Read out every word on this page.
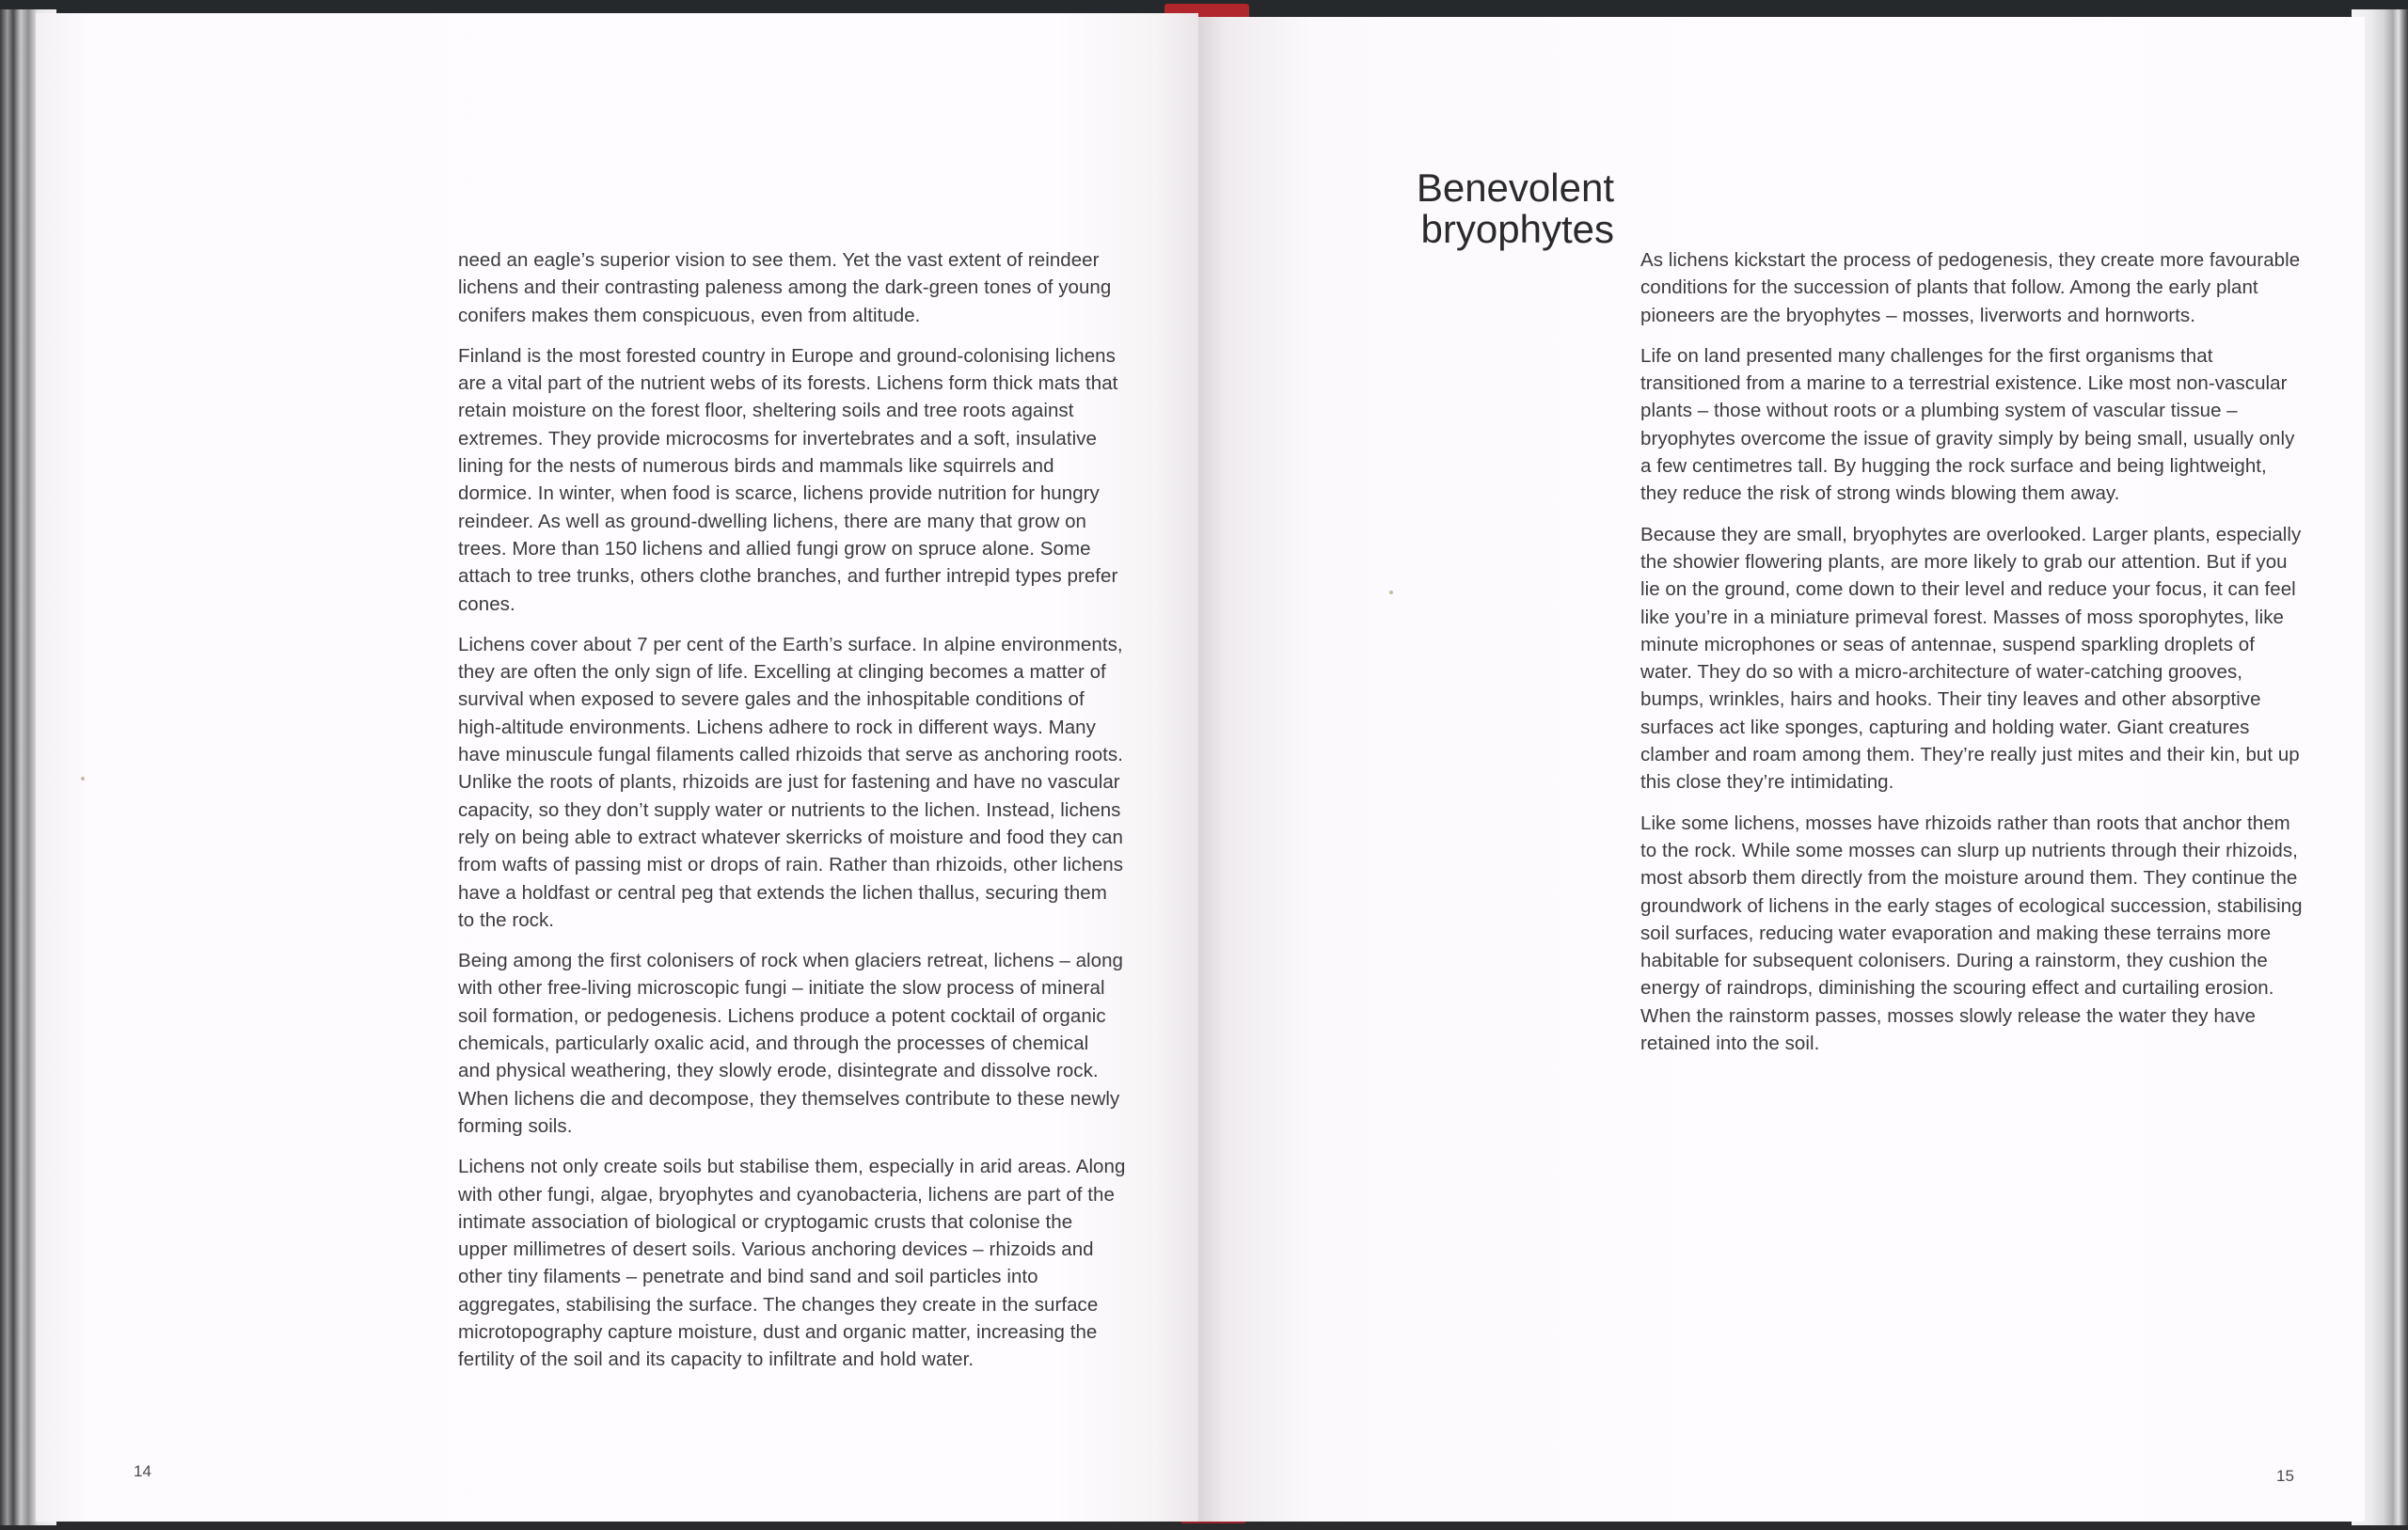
need an eagle’s superior vision to see them. Yet the vast extent of reindeer lichens and their contrasting paleness among the dark-green tones of young conifers makes them conspicuous, even from altitude.

Finland is the most forested country in Europe and ground-colonising lichens are a vital part of the nutrient webs of its forests. Lichens form thick mats that retain moisture on the forest floor, sheltering soils and tree roots against extremes. They provide microcosms for invertebrates and a soft, insulative lining for the nests of numerous birds and mammals like squirrels and dormice. In winter, when food is scarce, lichens provide nutrition for hungry reindeer. As well as ground-dwelling lichens, there are many that grow on trees. More than 150 lichens and allied fungi grow on spruce alone. Some attach to tree trunks, others clothe branches, and further intrepid types prefer cones.

Lichens cover about 7 per cent of the Earth’s surface. In alpine environments, they are often the only sign of life. Excelling at clinging becomes a matter of survival when exposed to severe gales and the inhospitable conditions of high-altitude environments. Lichens adhere to rock in different ways. Many have minuscule fungal filaments called rhizoids that serve as anchoring roots. Unlike the roots of plants, rhizoids are just for fastening and have no vascular capacity, so they don’t supply water or nutrients to the lichen. Instead, lichens rely on being able to extract whatever skerricks of moisture and food they can from wafts of passing mist or drops of rain. Rather than rhizoids, other lichens have a holdfast or central peg that extends the lichen thallus, securing them to the rock.

Being among the first colonisers of rock when glaciers retreat, lichens – along with other free-living microscopic fungi – initiate the slow process of mineral soil formation, or pedogenesis. Lichens produce a potent cocktail of organic chemicals, particularly oxalic acid, and through the processes of chemical and physical weathering, they slowly erode, disintegrate and dissolve rock. When lichens die and decompose, they themselves contribute to these newly forming soils.

Lichens not only create soils but stabilise them, especially in arid areas. Along with other fungi, algae, bryophytes and cyanobacteria, lichens are part of the intimate association of biological or cryptogamic crusts that colonise the upper millimetres of desert soils. Various anchoring devices – rhizoids and other tiny filaments – penetrate and bind sand and soil particles into aggregates, stabilising the surface. The changes they create in the surface microtopography capture moisture, dust and organic matter, increasing the fertility of the soil and its capacity to infiltrate and hold water.

Benevolent bryophytes

As lichens kickstart the process of pedogenesis, they create more favourable conditions for the succession of plants that follow. Among the early plant pioneers are the bryophytes – mosses, liverworts and hornworts.

Life on land presented many challenges for the first organisms that transitioned from a marine to a terrestrial existence. Like most non-vascular plants – those without roots or a plumbing system of vascular tissue – bryophytes overcome the issue of gravity simply by being small, usually only a few centimetres tall. By hugging the rock surface and being lightweight, they reduce the risk of strong winds blowing them away.

Because they are small, bryophytes are overlooked. Larger plants, especially the showier flowering plants, are more likely to grab our attention. But if you lie on the ground, come down to their level and reduce your focus, it can feel like you’re in a miniature primeval forest. Masses of moss sporophytes, like minute microphones or seas of antennae, suspend sparkling droplets of water. They do so with a micro-architecture of water-catching grooves, bumps, wrinkles, hairs and hooks. Their tiny leaves and other absorptive surfaces act like sponges, capturing and holding water. Giant creatures clamber and roam among them. They’re really just mites and their kin, but up this close they’re intimidating.

Like some lichens, mosses have rhizoids rather than roots that anchor them to the rock. While some mosses can slurp up nutrients through their rhizoids, most absorb them directly from the moisture around them. They continue the groundwork of lichens in the early stages of ecological succession, stabilising soil surfaces, reducing water evaporation and making these terrains more habitable for subsequent colonisers. During a rainstorm, they cushion the energy of raindrops, diminishing the scouring effect and curtailing erosion. When the rainstorm passes, mosses slowly release the water they have retained into the soil.

14	15
